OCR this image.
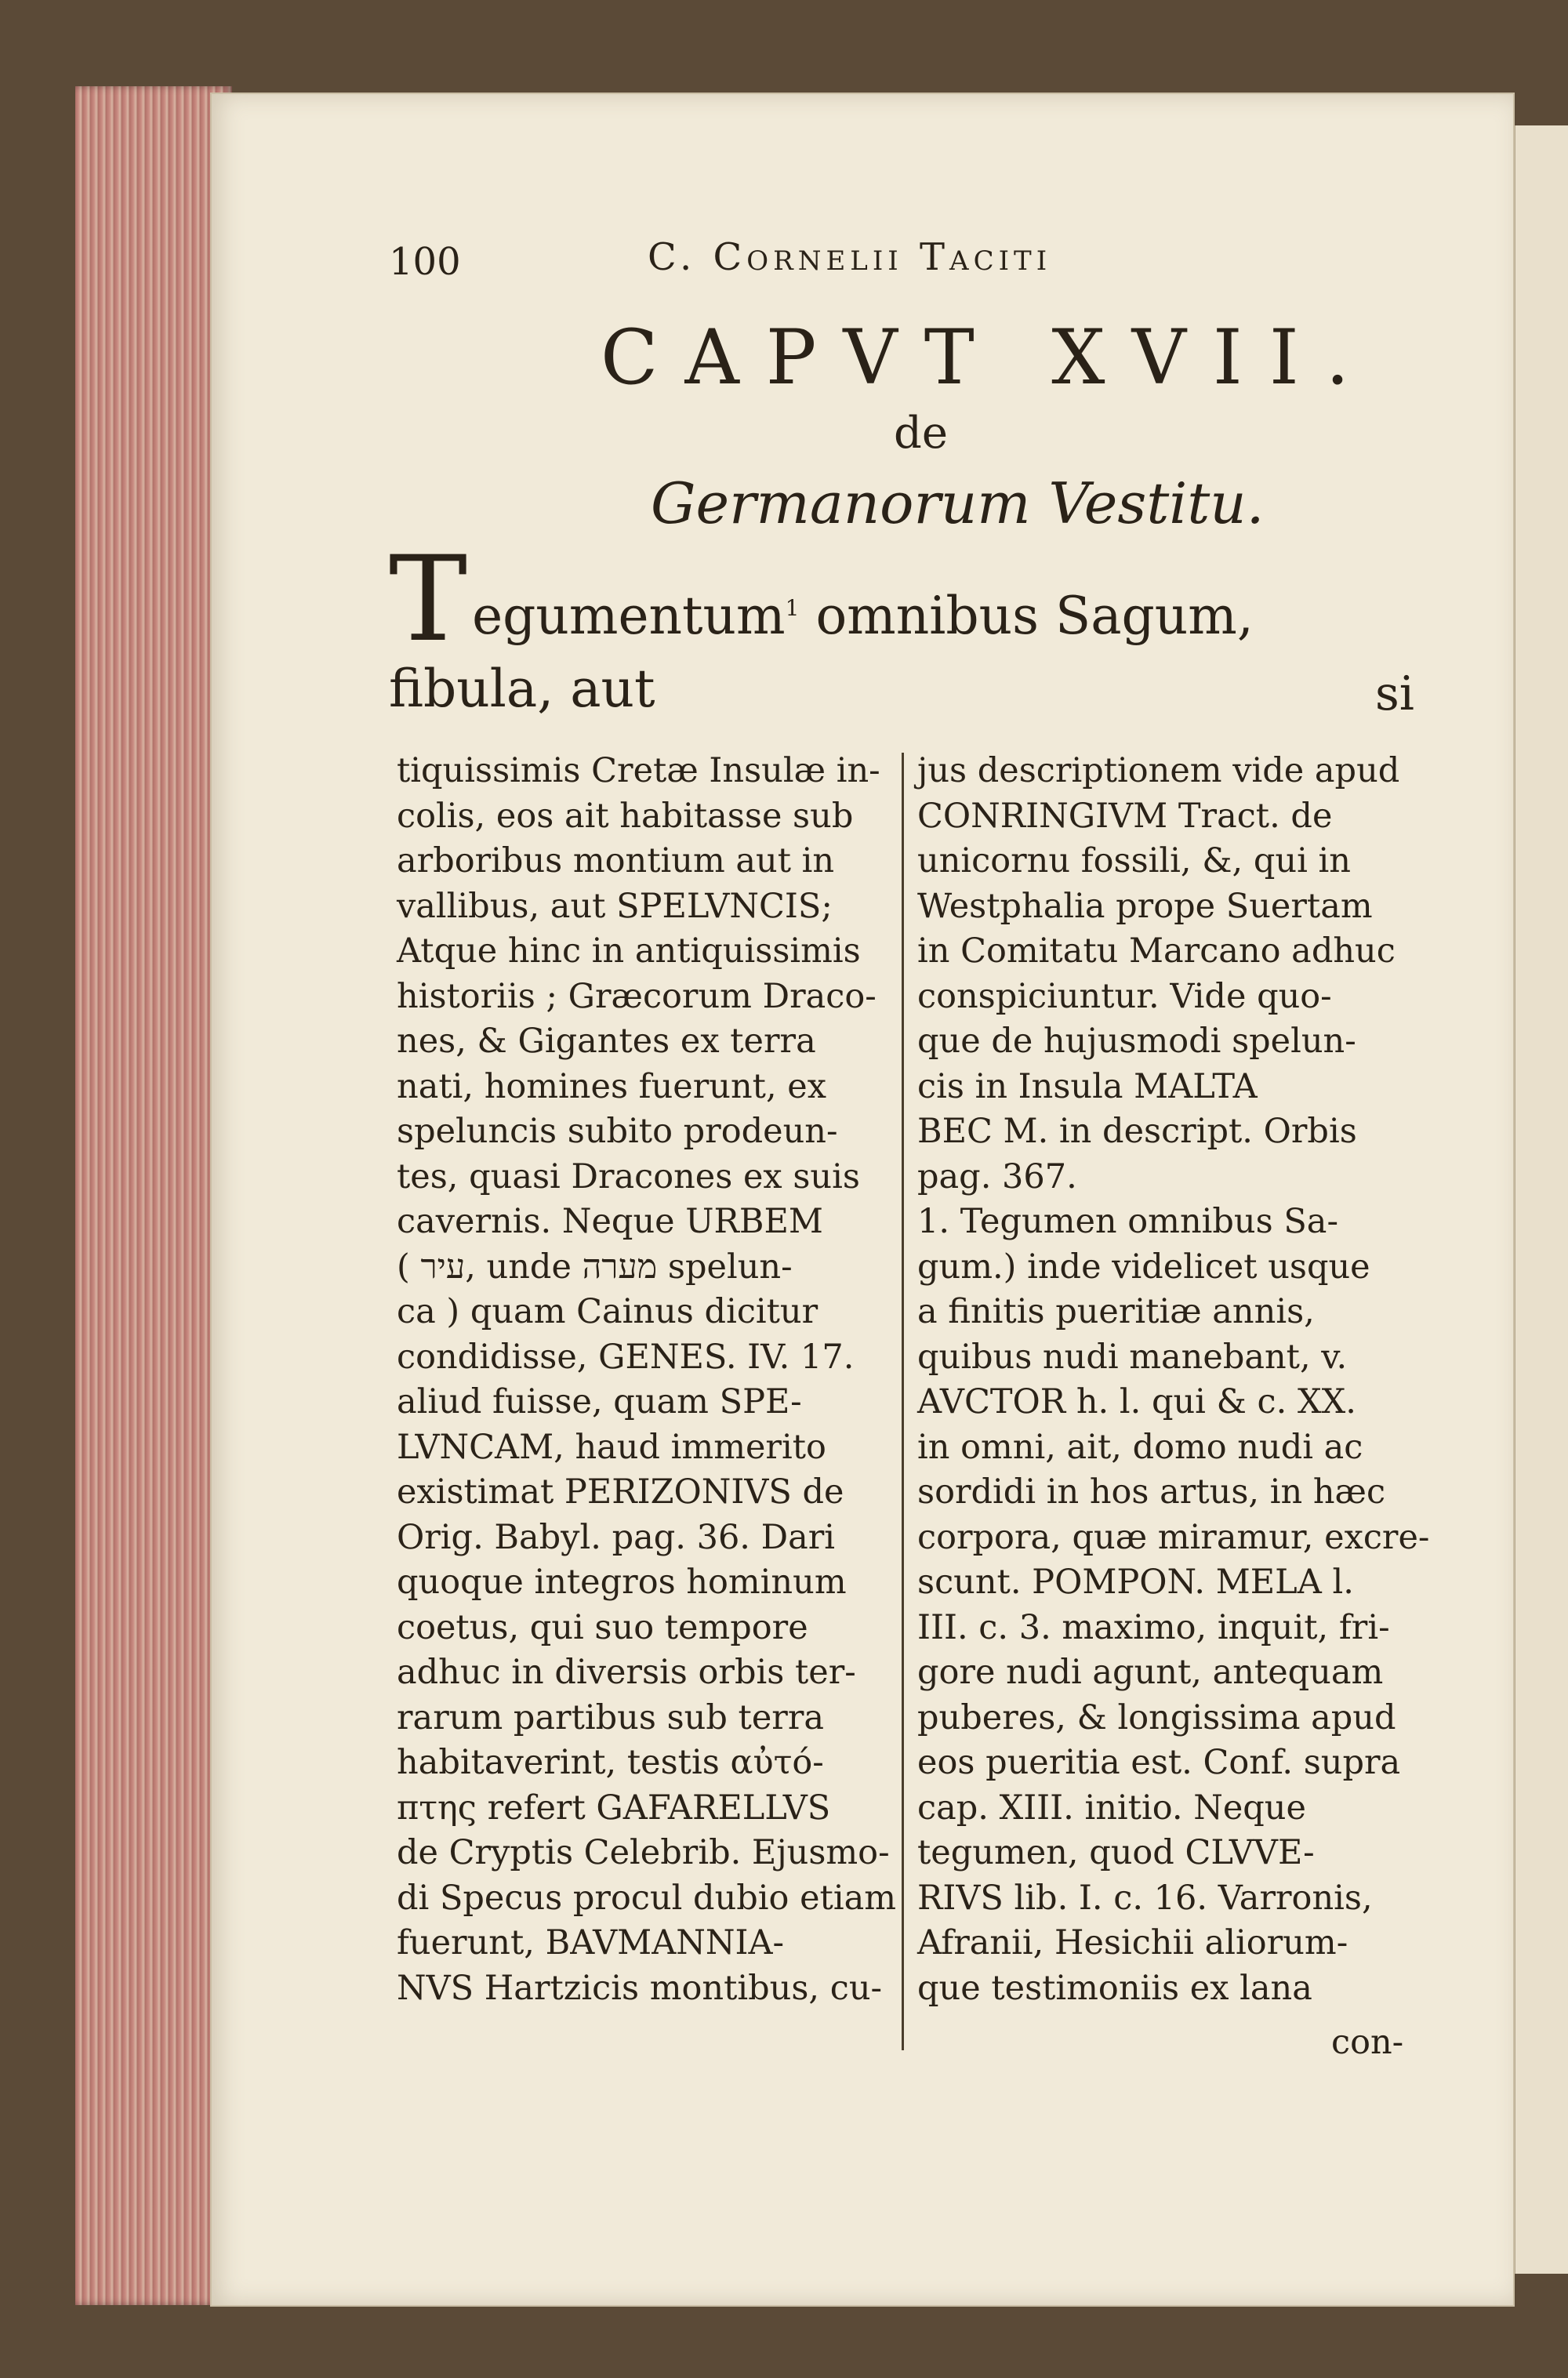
100	C. Cornelii Taciti
CAPVT XVII.
de
Germanorum Vestitu.
Tegumentum$^1$ omnibus Sagum, fibula, aut	si
tiquissimis Cretæ Insulæ in-
colis, eos ait habitasse sub
arboribus montium aut in
vallibus, aut SPELVNCIS;
Atque hinc in antiquissimis
historiis ; Græcorum Draco-
nes, & Gigantes ex terra
nati, homines fuerunt, ex
speluncis subito prodeun-
tes, quasi Dracones ex suis
cavernis. Neque URBEM
( עיר, unde מערה spelun-
ca ) quam Cainus dicitur
condidisse, GENES. IV. 17.
aliud fuisse, quam SPE-
LVNCAM, haud immerito
existimat PERIZONIVS de
Orig. Babyl. pag. 36. Dari
quoque integros hominum
coetus, qui suo tempore
adhuc in diversis orbis ter-
rarum partibus sub terra
habitaverint, testis αὐτό-
πτης refert GAFARELLVS
de Cryptis Celebrib. Ejusmo-
di Specus procul dubio etiam
fuerunt, BAVMANNIA-
NVS Hartzicis montibus, cu-
jus descriptionem vide apud
CONRINGIVM Tract. de
unicornu fossili, &, qui in
Westphalia prope Suertam
in Comitatu Marcano adhuc
conspiciuntur. Vide quo-
que de hujusmodi spelun-
cis in Insula MALTA
BEC M. in descript. Orbis
pag. 367.
1. Tegumen omnibus Sa-
gum.) inde videlicet usque
a finitis pueritiæ annis,
quibus nudi manebant, v.
AVCTOR h. l. qui & c. XX.
in omni, ait, domo nudi ac
sordidi in hos artus, in hæc
corpora, quæ miramur, excre-
scunt. POMPON. MELA l.
III. c. 3. maximo, inquit, fri-
gore nudi agunt, antequam
puberes, & longissima apud
eos pueritia est. Conf. supra
cap. XIII. initio. Neque
tegumen, quod CLVVE-
RIVS lib. I. c. 16. Varronis,
Afranii, Hesichii aliorum-
que testimoniis ex lana
con-
